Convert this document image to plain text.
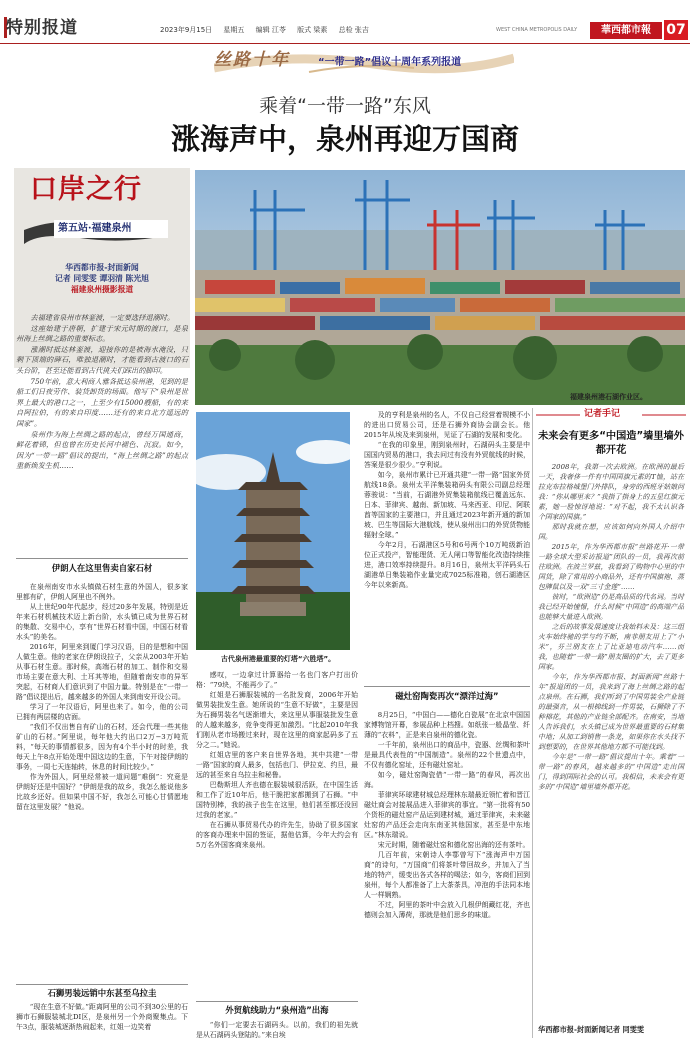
特别报道	2023年9月15日 星期五 编辑 江苓 版式 梁素 总检 张吉	WEST CHINA METROPOLIS DAILY	華西都市報	07
丝路十年	“一带一路”倡议十周年系列报道
乘着“一带一路”东风
涨海声中，泉州再迎万国商
口岸之行
第五站·福建泉州
华西都市报-封面新闻
记者 同雯雯 谭羽清 陈光旭
福建泉州摄影报道
福建泉州港石湖作业区。

去福建省泉州市林銮渡，一定要选择退潮时。

这座始建于唐朝，扩建于宋元时期的渡口，是泉州海上丝绸之路的重要标志。

涨潮时抵达林銮渡，迎接你的是被海水淹没，只剩下顶端的碑石，唯独退潮时，才能看到古渡口的石头台阶，甚至还能看到古代挑夫们踩出的脚印。

750年前，意大利商人雅各抵达泉州港，见到的是船工们日夜劳作、装货卸货的场面。他写下“泉州是世界上最大的港口之一，上至少有15000艘船，有的来自阿拉伯，有的来自印度……还有的来自北方遥远的国家”。

泉州作为海上丝绸之路的起点，曾经万国通商，鲜花着锦，但也曾在历史长河中褪色、沉寂。如今，因为“一带一路”倡议的提出，“海上丝绸之路”的起点重新焕发生机……

伊朗人在这里售卖自家石材

在泉州南安市水头镇做石材生意的外国人，很多家里都有矿，伊朗人阿里也不例外。

从上世纪90年代起步，经过20多年发展，特别是近年来石材机械技术迈上新台阶，水头镇已成为世界石材的集散、交易中心，享有“世界石材看中国，中国石材看水头”的美名。

2016年，阿里来到厦门学习汉语，目的是想和中国人做生意。他的老家在伊朗设拉子，父亲从2003年开始从事石材生意。那时候，高端石材的加工、制作和交易市场主要在意大利、土耳其等地，但随着南安市的异军突起，石材商人们意识到了中国力量。特别是在“一带一路”倡议提出后，越来越多的外国人来到南安开设公司。

学习了一年汉语后，阿里也来了。如今，他的公司已拥有两层楼的店面。

“我们不仅出售自有矿山的石材，还会代理一些其他矿山的石材。”阿里说，每年他大约出口2万−3万吨荒料，“每天的事情都很多，因为有4个半小时的时差，我每天上午8点开始处理中国这边的生意，下午对接伊朗的事务，一周七天连轴转，休息的时间比较少。”

作为外国人，阿里经常被一道问题“难倒”：究竟是伊朗好还是中国好？“伊朗是我的故乡，我怎么能说他多比故乡还好。但如果中国不好，我怎么可能心甘情愿地留在这里发展？”他说。

石狮男装远销中东甚至乌拉圭

“现在生意不好做。”距离阿里的公司不到30公里的石狮市石狮服装城北DI区，是泉州另一个外商聚集点。下午3点，服装城逐渐热闹起来，红姐一边笑着

古代泉州港最重要的灯塔“六胜塔”。

感叹，一边拿过计算器给一名也门客户打出价格：“79块，不能再少了。”

红姐是石狮服装城的一名批发商，2006年开始做男装批发生意。她所说的“生意不好做”，主要是因为石狮男装名气逐渐增大，来这里从事服装批发生意的人越来越多，竞争变得更加激烈。“比起2010年我们刚从老市场搬过来时，现在这里的商家起码多了五分之二。”她说。

红姐店里的客户来自世界各地，其中共建“一带一路”国家的商人最多，包括也门、伊拉克、约旦，最远的甚至来自乌拉圭和秘鲁。

巴勒斯坦人齐也德在服装城很活跃，在中国生活和工作了近10年后，他干脆把家都搬到了石狮。“中国特别棒，我的孩子也生在这里，他们甚至都还没回过我的老家。”

在石狮从事贸易代办的许先生，协助了很多国家的客商办理来中国的签证，据他估算，今年大约会有5万名外国客商来泉州。

外贸航线助力“泉州造”出海

“你们一定要去石湖码头。以前，我们的祖先就是从石湖码头登陆的。”来自埃

及的亨利是泉州的名人，不仅自己经营着规模不小的进出口贸易公司，还是石狮外商协会副会长。他2015年从埃及来到泉州，见证了石湖的发展和变化。

“在我的印象里，刚到泉州时，石湖码头主要是中国国内贸易的港口，我去问过有没有外贸航线的时候，答案是很少很少。”亨利说。

如今，泉州市累计已开通共建“一带一路”国家外贸航线18条。泉州太平洋集装箱码头有限公司副总经理蓉骏说：“当前，石湖港外贸集装箱航线已覆盖远东、日本、菲律宾、越南、新加坡、马来西亚、印尼、阿联酋等国家的主要港口，并且通过2023年新开通的新加坡、巴生等国际大港航线，使从泉州出口的外贸货物能辐射全球。”

今年2月，石湖港区5号和6号两个10万吨级新泊位正式投产，智能理货、无人闸口等智能化改造持续推进，港口效率持续提升。8月16日，泉州太平洋码头石湖港单日集装箱作业量完成7025标准箱，创石湖港区今年以来新高。

磁灶窑陶瓷再次“漂洋过海”

8月25日，“中国白——德化白瓷展”在北京中国国家博物馆开幕，参展品种上档搜。如纸张一般晶莹、纤薄的“衣料”，正是来自泉州的德化瓷。

一千年前，泉州出口的商品中，瓷器、丝绸和茶叶是最具代表性的“中国制造”。泉州的22个世遗点中，不仅有德化窑址，还有磁灶窑址。

如今，磁灶窑陶瓷借“一带一路”的春风，再次出海。

菲律宾环球建材城总经理林东瑞最近领忙着和晋江磁灶商会对接展品进入菲律宾的事宜。“第一批将有50个货柜的磁灶窑产品运到建材城，通过菲律宾，未来磁灶窑的产品还会走向东南亚其他国家，甚至是中东地区。”林东瑞说。

宋元时期，随着磁灶窑和德化窑出海的还有茶叶。

几百年前，宋朝诗人李鄠曾写下“涨海声中万国商”的诗句，“万国商”们将茶叶带回故乡，并加入了当地的特产，缓变出各式各样的喝法；如今，客商们回到泉州，每个人都准备了上大茶茶具，冲泡的手法同本地人一样娴熟。

不过，阿里的茶叶中会放入几根伊朗藏红花，齐也德则会加入薄荷，那就是他们思乡的味道。

记者手记
未来会有更多“中国造”墙里墙外都开花

2008年，我第一次去欧洲。在欧洲的最后一天，我奢侈一件有中国国旗元素的T恤，站在拉克布拉格城堡门外排队，身旁的西班牙姑娘问我：“你从哪里来？”我指了指身上的五星红旗元素，她一脸惊讶地说：“对不起，我不太认识各个国家的国旗。”

那时我就在想，应该如何向外国人介绍中国。

2015年，作为华西都市报“丝路花开·一带一路全球大型采访报道”团队的一员，我再次前往欧洲。在波兰罗兹，我看到了购物中心里的中国货，除了常用的小商品外，还有中国旗袍、蒸包牌鼠以及一双“三寸金莲”……

彼时，“欧洲造”仍是高品质的代名词。当时我已经开始憧憬，什么时候“中国造”的高端产品也能够大量进入欧洲。

之后的故事发展速度让我始料未及：这三组火车始终驰的学与约不断，南非朋友用上了“小米”，芬兰朋友在上了比亚迪电动汽车……而我，也随着“一带一路”朋友圈的扩大，去了更多国家。

今年，作为华西都市报、封面新闻“丝路十年”报道团的一员，我来到了海上丝绸之路的起点泉州。在石狮，我们听到了中国男装全产业链的最强音，从一根棉线到一件男装，石狮除了不种棉花，其他的产业链全部配齐。在南安，当地人告诉我们，水头镇已成为世界最重要的石材集中地；从加工到销售一条龙，如果你在水头找不到想要的，在世界其他地方都不可能找到。

今年是“一带一路”倡议提出十年。乘着“一带一路”的春风，越来越多的“中国造”走出国门，得到国际社会的认可。我相信，未来会有更多的“中国造”墙里墙外都开花。

华西都市报-封面新闻记者 同雯雯
